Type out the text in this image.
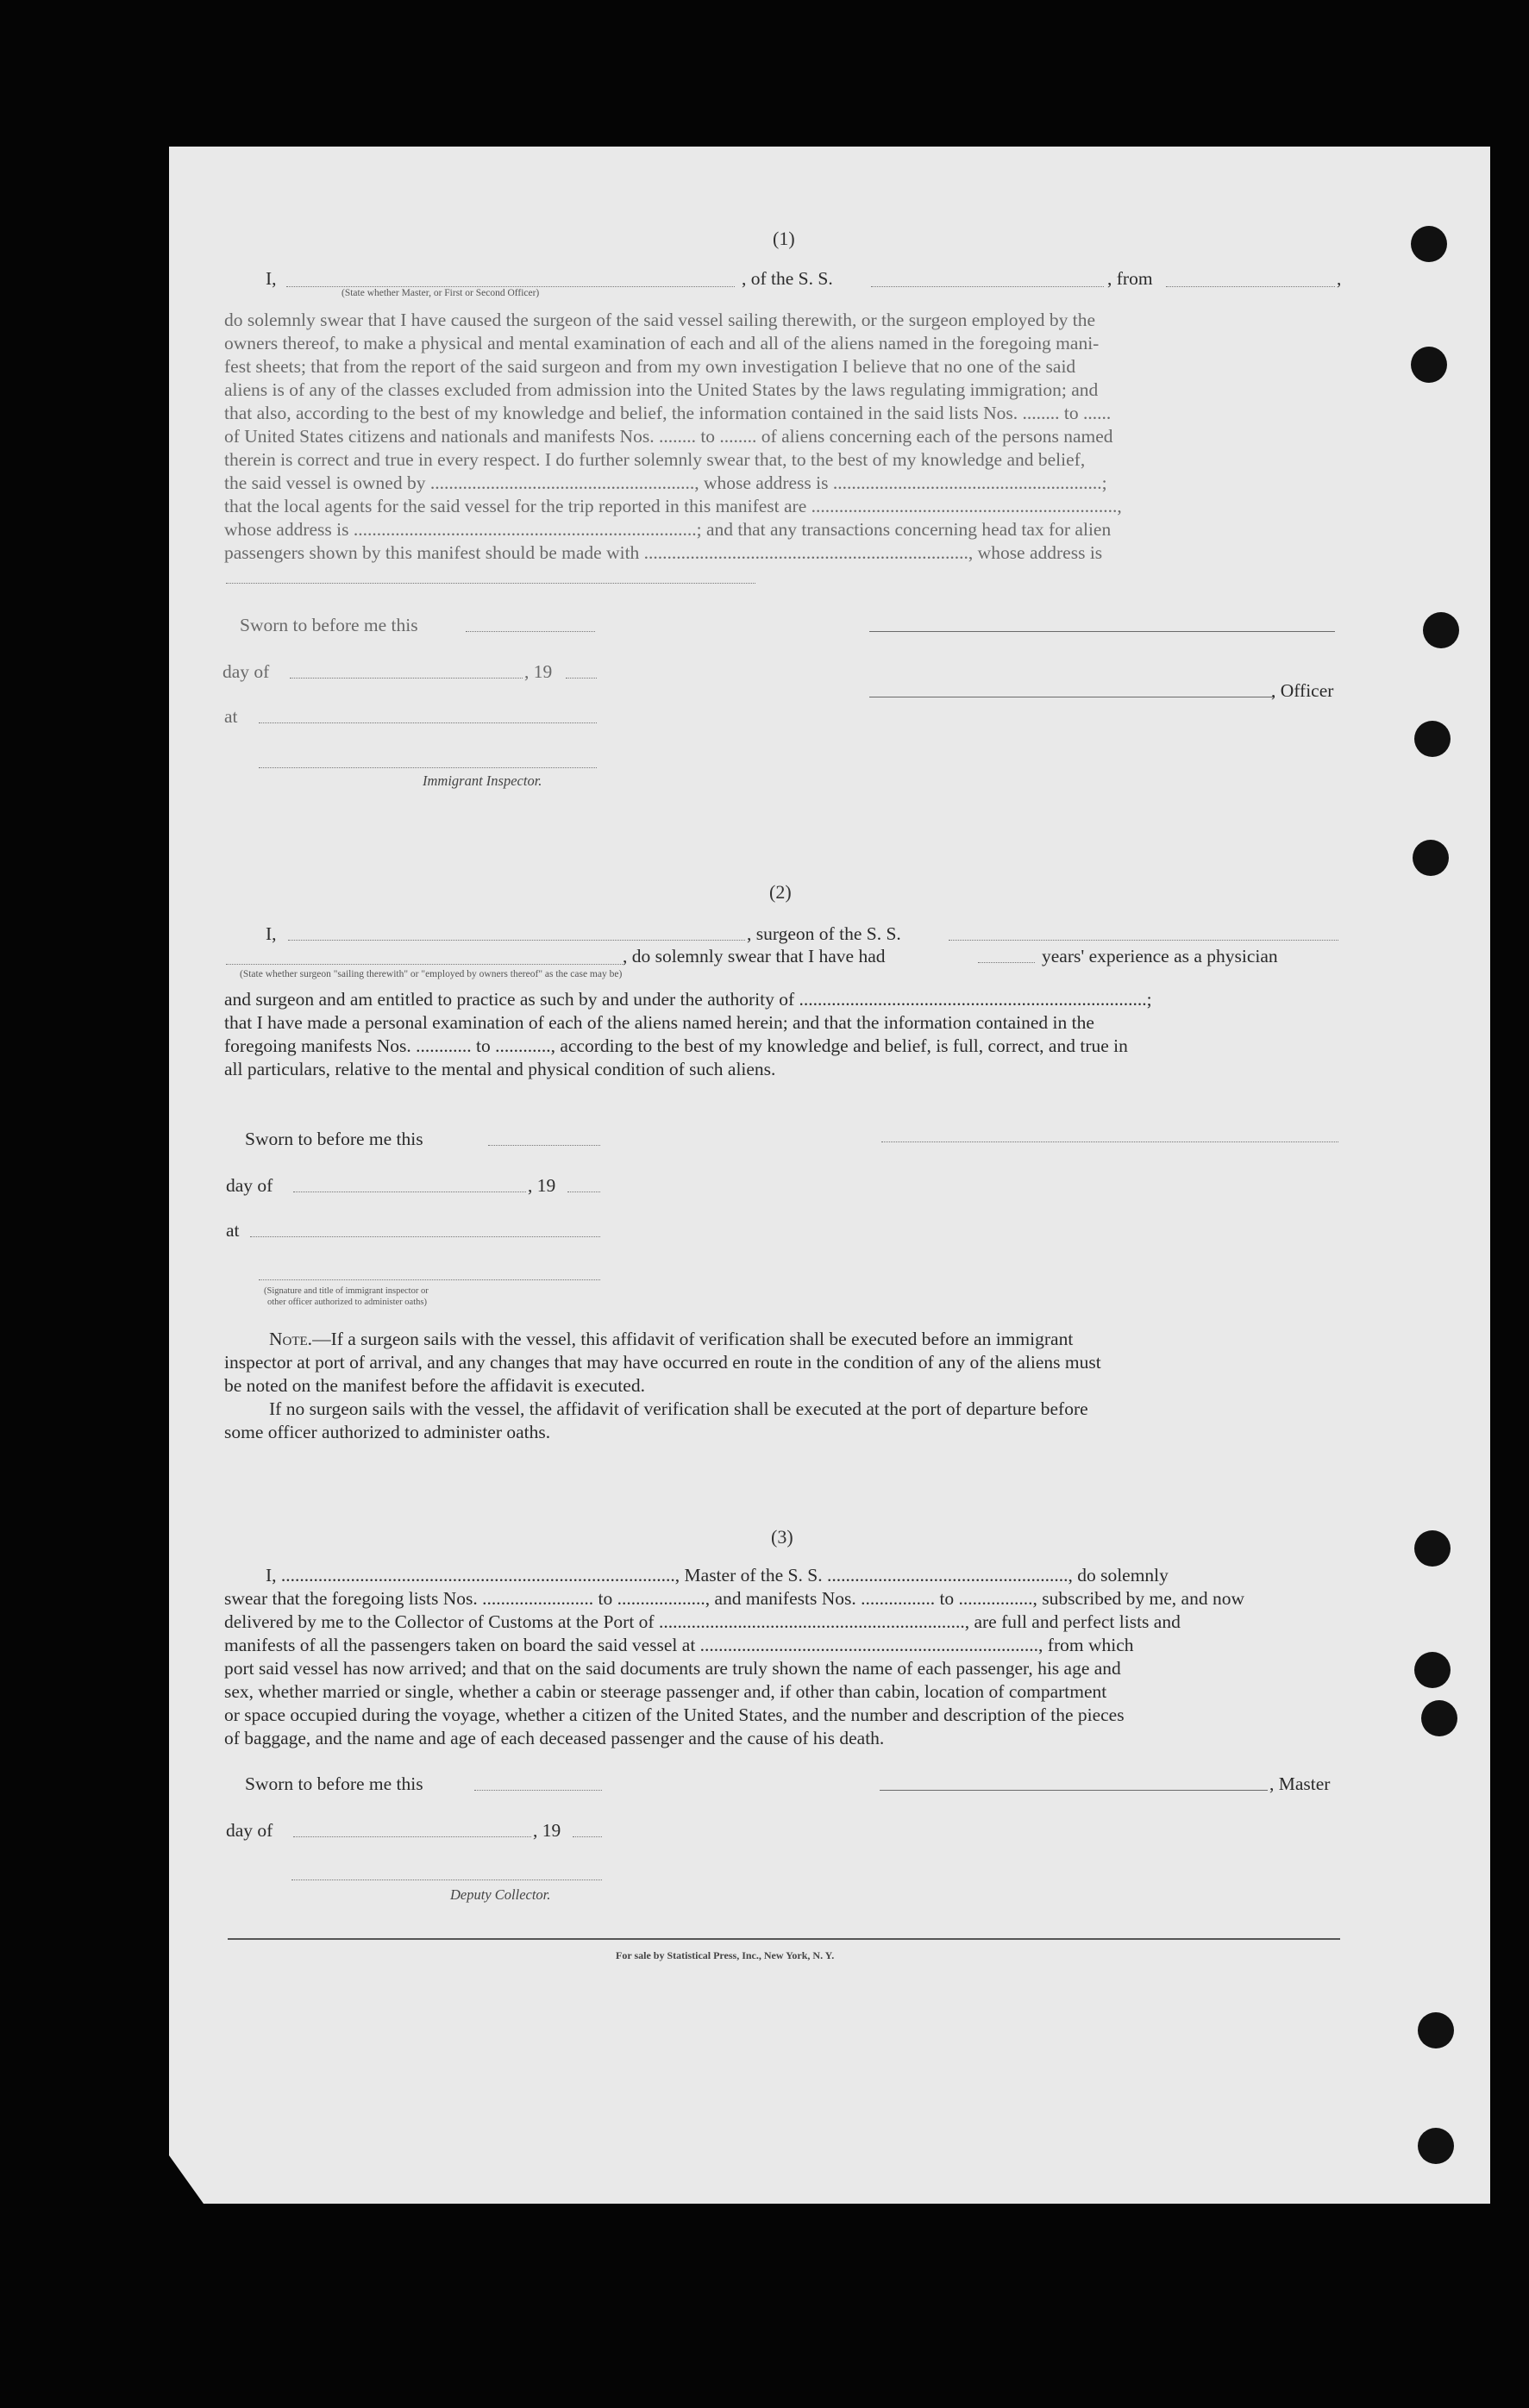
(1)
I,	, of the S. S.	, from	,
(State whether Master, or First or Second Officer)
do solemnly swear that I have caused the surgeon of the said vessel sailing therewith, or the surgeon employed by the
owners thereof, to make a physical and mental examination of each and all of the aliens named in the foregoing mani-
fest sheets; that from the report of the said surgeon and from my own investigation I believe that no one of the said
aliens is of any of the classes excluded from admission into the United States by the laws regulating immigration; and
that also, according to the best of my knowledge and belief, the information contained in the said lists Nos. ........ to ......
of United States citizens and nationals and manifests Nos. ........ to ........ of aliens concerning each of the persons named
therein is correct and true in every respect. I do further solemnly swear that, to the best of my knowledge and belief,
the said vessel is owned by ........................................................., whose address is ..........................................................;
that the local agents for the said vessel for the trip reported in this manifest are ..................................................................,
whose address is ..........................................................................; and that any transactions concerning head tax for alien
passengers shown by this manifest should be made with ......................................................................, whose address is
Sworn to before me this
day of	, 19
, Officer
at
Immigrant Inspector.
(2)
I,	, surgeon of the S. S.
, do solemnly swear that I have had	years' experience as a physician
(State whether surgeon "sailing therewith" or "employed by owners thereof" as the case may be)
and surgeon and am entitled to practice as such by and under the authority of ...........................................................................;
that I have made a personal examination of each of the aliens named herein; and that the information contained in the
foregoing manifests Nos. ............ to ............, according to the best of my knowledge and belief, is full, correct, and true in
all particulars, relative to the mental and physical condition of such aliens.
Sworn to before me this
day of	, 19
at
(Signature and title of immigrant inspector or
other officer authorized to administer oaths)
Note.—If a surgeon sails with the vessel, this affidavit of verification shall be executed before an immigrant
inspector at port of arrival, and any changes that may have occurred en route in the condition of any of the aliens must
be noted on the manifest before the affidavit is executed.
If no surgeon sails with the vessel, the affidavit of verification shall be executed at the port of departure before
some officer authorized to administer oaths.
(3)
I, ....................................................................................., Master of the S. S. ...................................................., do solemnly
swear that the foregoing lists Nos. ........................ to ..................., and manifests Nos. ................ to ................, subscribed by me, and now
delivered by me to the Collector of Customs at the Port of .................................................................., are full and perfect lists and
manifests of all the passengers taken on board the said vessel at ........................................................................., from which
port said vessel has now arrived; and that on the said documents are truly shown the name of each passenger, his age and
sex, whether married or single, whether a cabin or steerage passenger and, if other than cabin, location of compartment
or space occupied during the voyage, whether a citizen of the United States, and the number and description of the pieces
of baggage, and the name and age of each deceased passenger and the cause of his death.
Sworn to before me this	, Master
day of	, 19
Deputy Collector.
For sale by Statistical Press, Inc., New York, N. Y.
